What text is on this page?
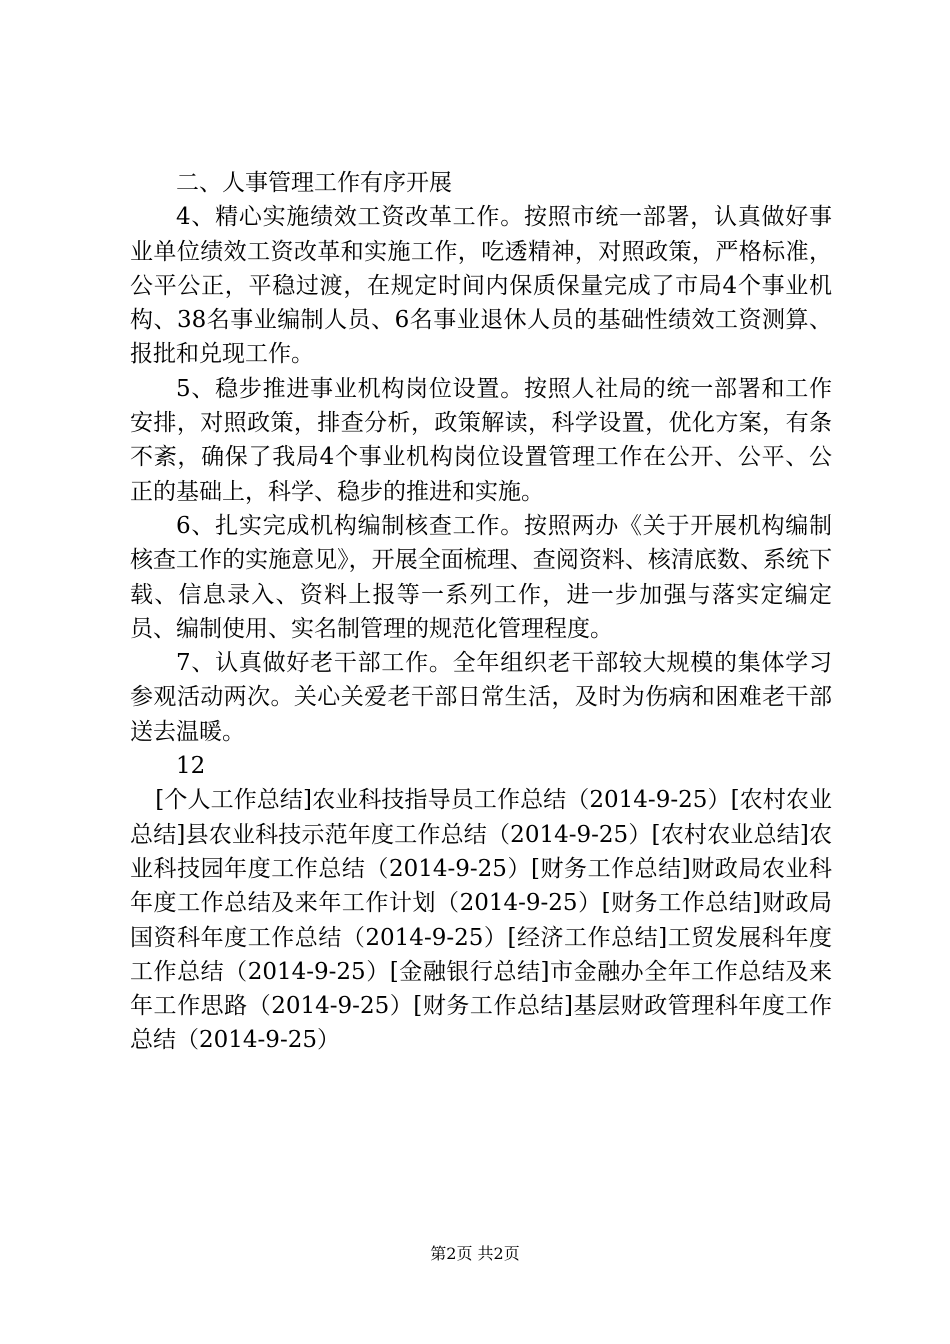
二、人事管理工作有序开展

4、精心实施绩效工资改革工作。按照市统一部署，认真做好事业单位绩效工资改革和实施工作，吃透精神，对照政策，严格标准，公平公正，平稳过渡，在规定时间内保质保量完成了市局4个事业机构、38名事业编制人员、6名事业退休人员的基础性绩效工资测算、报批和兑现工作。

5、稳步推进事业机构岗位设置。按照人社局的统一部署和工作安排，对照政策，排查分析，政策解读，科学设置，优化方案，有条不紊，确保了我局4个事业机构岗位设置管理工作在公开、公平、公正的基础上，科学、稳步的推进和实施。

6、扎实完成机构编制核查工作。按照两办《关于开展机构编制核查工作的实施意见》，开展全面梳理、查阅资料、核清底数、系统下载、信息录入、资料上报等一系列工作，进一步加强与落实定编定员、编制使用、实名制管理的规范化管理程度。

7、认真做好老干部工作。全年组织老干部较大规模的集体学习参观活动两次。关心关爱老干部日常生活，及时为伤病和困难老干部送去温暖。

12

[个人工作总结]农业科技指导员工作总结（2014-9-25）[农村农业总结]县农业科技示范年度工作总结（2014-9-25）[农村农业总结]农业科技园年度工作总结（2014-9-25）[财务工作总结]财政局农业科年度工作总结及来年工作计划（2014-9-25）[财务工作总结]财政局国资科年度工作总结（2014-9-25）[经济工作总结]工贸发展科年度工作总结（2014-9-25）[金融银行总结]市金融办全年工作总结及来年工作思路（2014-9-25）[财务工作总结]基层财政管理科年度工作总结（2014-9-25）

第2页 共2页
